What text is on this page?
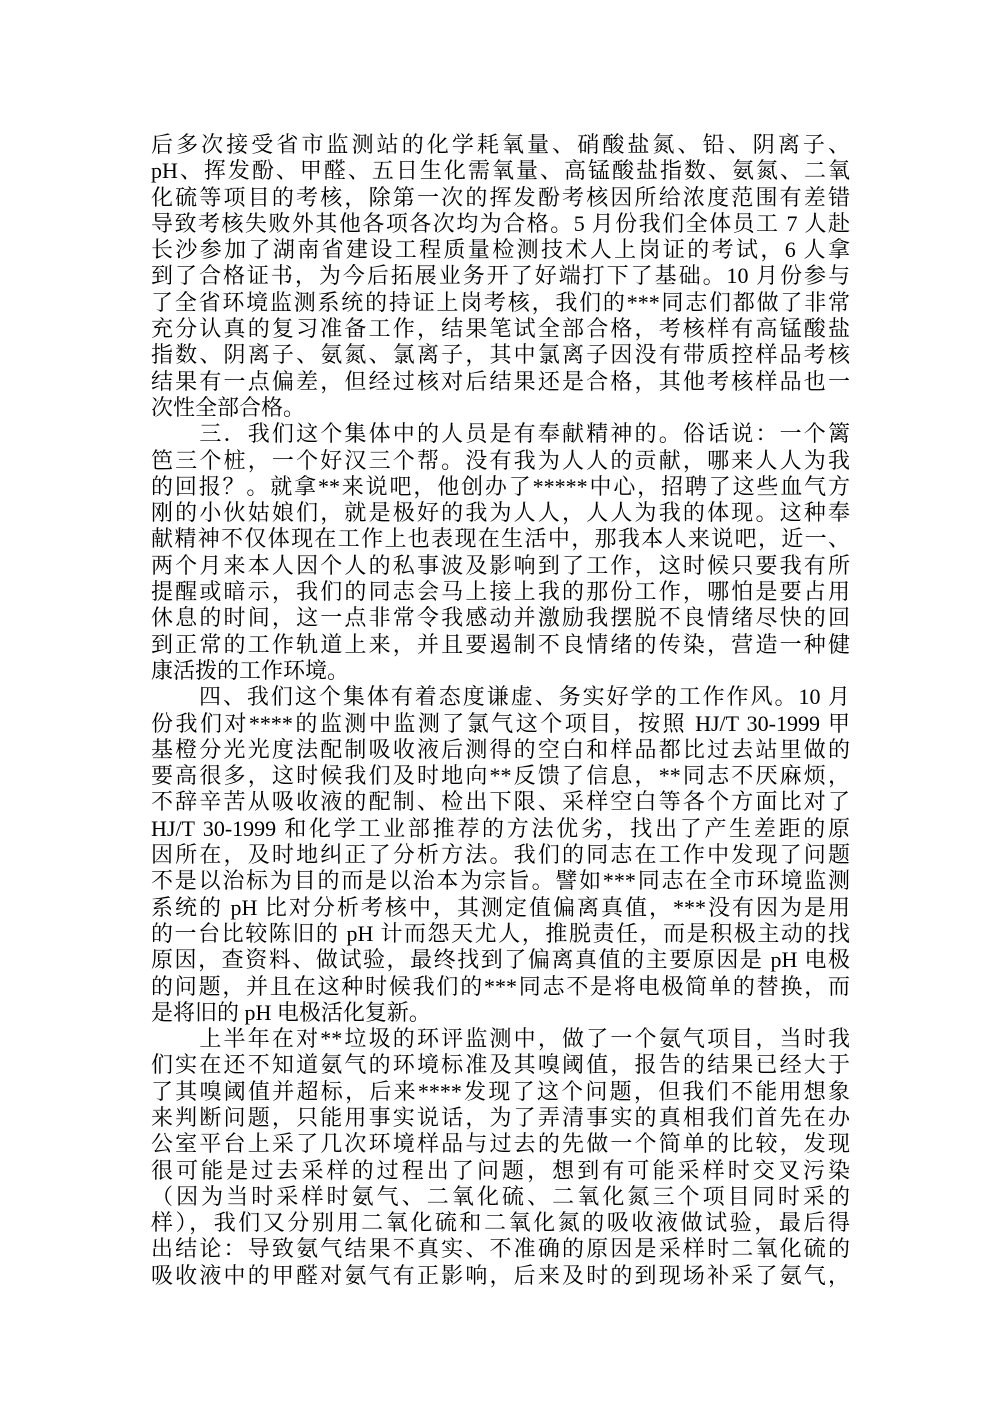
后多次接受省市监测站的化学耗氧量、硝酸盐氮、铅、阴离子、
pH、挥发酚、甲醛、五日生化需氧量、高锰酸盐指数、氨氮、二氧
化硫等项目的考核，除第一次的挥发酚考核因所给浓度范围有差错
导致考核失败外其他各项各次均为合格。5 月份我们全体员工 7 人赴
长沙参加了湖南省建设工程质量检测技术人上岗证的考试，6 人拿
到了合格证书，为今后拓展业务开了好端打下了基础。10 月份参与
了全省环境监测系统的持证上岗考核，我们的***同志们都做了非常
充分认真的复习准备工作，结果笔试全部合格，考核样有高锰酸盐
指数、阴离子、氨氮、氯离子，其中氯离子因没有带质控样品考核
结果有一点偏差，但经过核对后结果还是合格，其他考核样品也一
次性全部合格。
　　三．我们这个集体中的人员是有奉献精神的。俗话说：一个篱
笆三个桩，一个好汉三个帮。没有我为人人的贡献，哪来人人为我
的回报？。就拿**来说吧，他创办了*****中心，招聘了这些血气方
刚的小伙姑娘们，就是极好的我为人人，人人为我的体现。这种奉
献精神不仅体现在工作上也表现在生活中，那我本人来说吧，近一、
两个月来本人因个人的私事波及影响到了工作，这时候只要我有所
提醒或暗示，我们的同志会马上接上我的那份工作，哪怕是要占用
休息的时间，这一点非常令我感动并激励我摆脱不良情绪尽快的回
到正常的工作轨道上来，并且要遏制不良情绪的传染，营造一种健
康活拨的工作环境。
　　四、我们这个集体有着态度谦虚、务实好学的工作作风。10 月
份我们对****的监测中监测了氯气这个项目，按照 HJ/T 30-1999 甲
基橙分光光度法配制吸收液后测得的空白和样品都比过去站里做的
要高很多，这时候我们及时地向**反馈了信息，**同志不厌麻烦，
不辞辛苦从吸收液的配制、检出下限、采样空白等各个方面比对了
HJ/T 30-1999 和化学工业部推荐的方法优劣，找出了产生差距的原
因所在，及时地纠正了分析方法。我们的同志在工作中发现了问题
不是以治标为目的而是以治本为宗旨。譬如***同志在全市环境监测
系统的 pH 比对分析考核中，其测定值偏离真值，***没有因为是用
的一台比较陈旧的 pH 计而怨天尤人，推脱责任，而是积极主动的找
原因，查资料、做试验，最终找到了偏离真值的主要原因是 pH 电极
的问题，并且在这种时候我们的***同志不是将电极简单的替换，而
是将旧的 pH 电极活化复新。
　　上半年在对**垃圾的环评监测中，做了一个氨气项目，当时我
们实在还不知道氨气的环境标准及其嗅阈值，报告的结果已经大于
了其嗅阈值并超标，后来****发现了这个问题，但我们不能用想象
来判断问题，只能用事实说话，为了弄清事实的真相我们首先在办
公室平台上采了几次环境样品与过去的先做一个简单的比较，发现
很可能是过去采样的过程出了问题，想到有可能采样时交叉污染
（因为当时采样时氨气、二氧化硫、二氧化氮三个项目同时采的
样），我们又分别用二氧化硫和二氧化氮的吸收液做试验，最后得
出结论：导致氨气结果不真实、不准确的原因是采样时二氧化硫的
吸收液中的甲醛对氨气有正影响，后来及时的到现场补采了氨气，
